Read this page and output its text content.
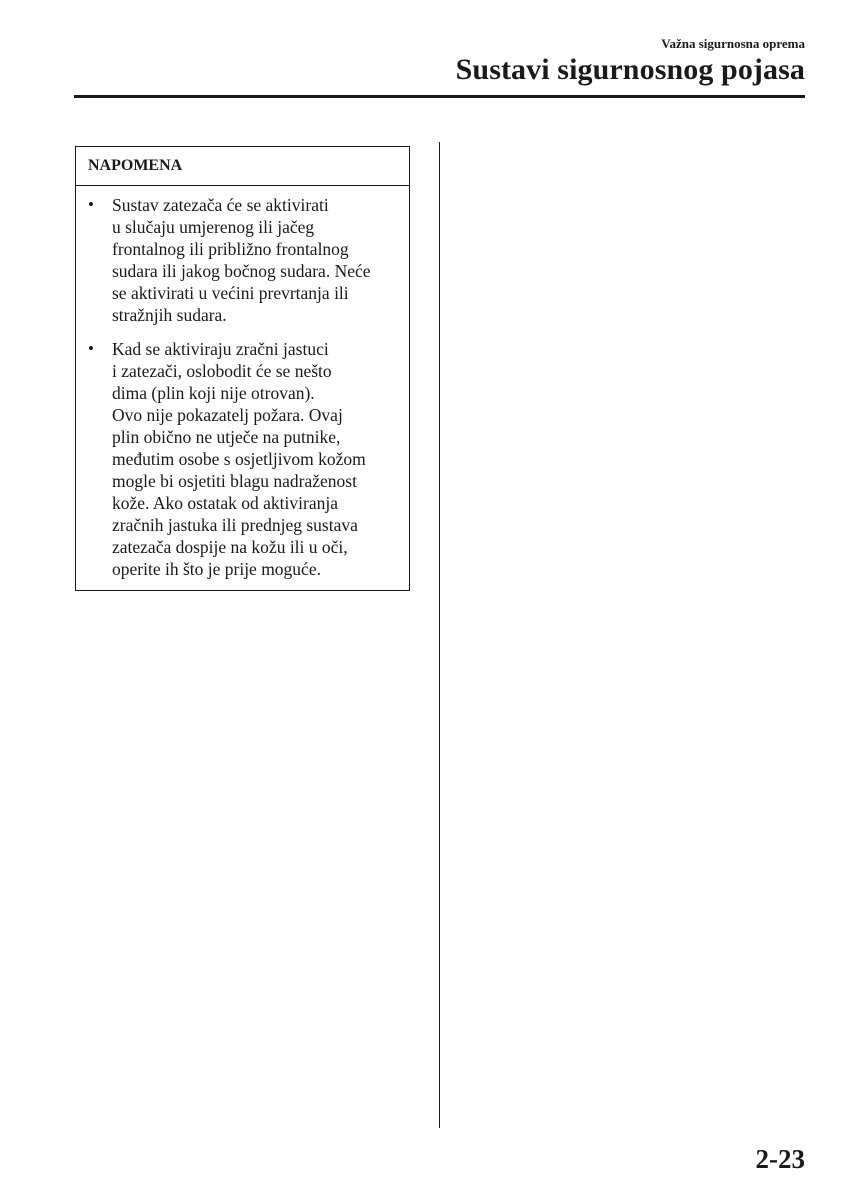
Važna sigurnosna oprema
Sustavi sigurnosnog pojasa
NAPOMENA
•	Sustav zatezača će se aktivirati
u slučaju umjerenog ili jačeg
frontalnog ili približno frontalnog
sudara ili jakog bočnog sudara. Neće
se aktivirati u većini prevrtanja ili
stražnjih sudara.
•	Kad se aktiviraju zračni jastuci
i zatezači, oslobodit će se nešto
dima (plin koji nije otrovan).
Ovo nije pokazatelj požara. Ovaj
plin obično ne utječe na putnike,
međutim osobe s osjetljivom kožom
mogle bi osjetiti blagu nadraženost
kože. Ako ostatak od aktiviranja
zračnih jastuka ili prednjeg sustava
zatezača dospije na kožu ili u oči,
operite ih što je prije moguće.
2-23
